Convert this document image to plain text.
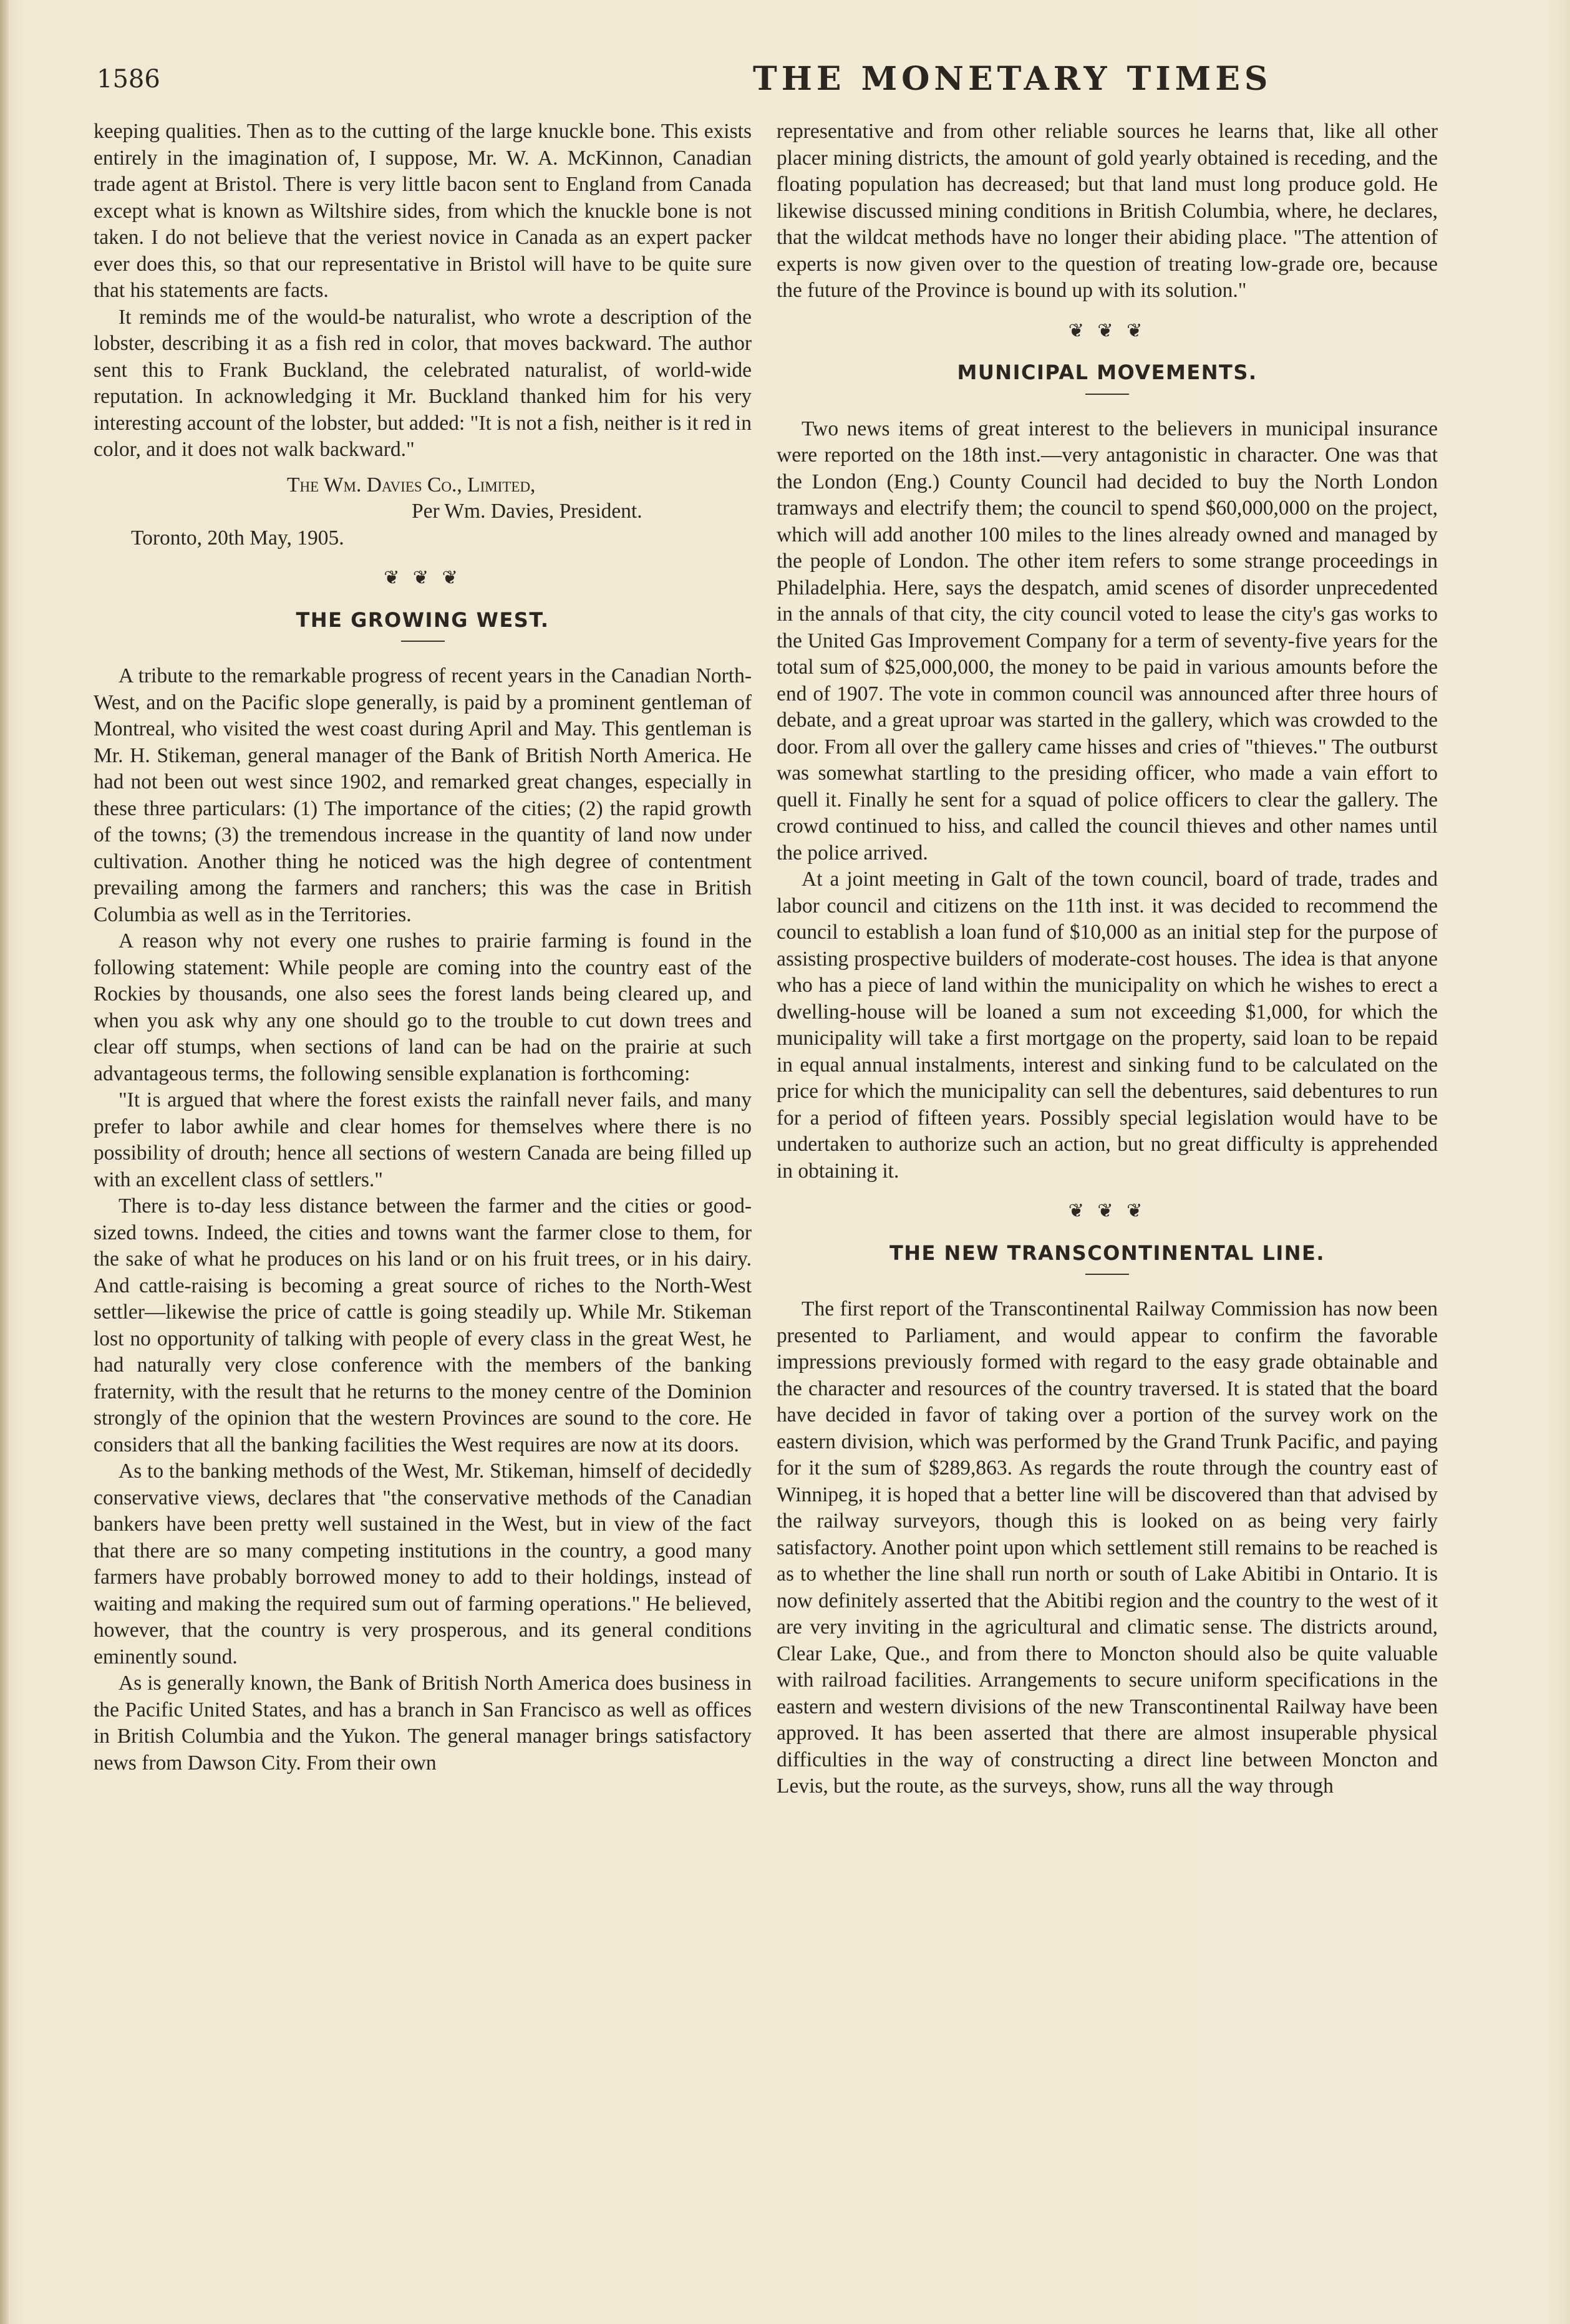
1586	THE MONETARY TIMES

keeping qualities. Then as to the cutting of the large knuckle bone. This exists entirely in the imagination of, I suppose, Mr. W. A. McKinnon, Canadian trade agent at Bristol. There is very little bacon sent to England from Canada except what is known as Wiltshire sides, from which the knuckle bone is not taken. I do not believe that the veriest novice in Canada as an expert packer ever does this, so that our representative in Bristol will have to be quite sure that his statements are facts.

It reminds me of the would-be naturalist, who wrote a description of the lobster, describing it as a fish red in color, that moves backward. The author sent this to Frank Buckland, the celebrated naturalist, of world-wide reputation. In acknowledging it Mr. Buckland thanked him for his very interesting account of the lobster, but added: "It is not a fish, neither is it red in color, and it does not walk backward."

The Wm. Davies Co., Limited,
Per Wm. Davies, President.
Toronto, 20th May, 1905.
❦ ❦ ❦
THE GROWING WEST.

A tribute to the remarkable progress of recent years in the Canadian North-West, and on the Pacific slope generally, is paid by a prominent gentleman of Montreal, who visited the west coast during April and May. This gentleman is Mr. H. Stikeman, general manager of the Bank of British North America. He had not been out west since 1902, and remarked great changes, especially in these three particulars: (1) The importance of the cities; (2) the rapid growth of the towns; (3) the tremendous increase in the quantity of land now under cultivation. Another thing he noticed was the high degree of contentment prevailing among the farmers and ranchers; this was the case in British Columbia as well as in the Territories.

A reason why not every one rushes to prairie farming is found in the following statement: While people are coming into the country east of the Rockies by thousands, one also sees the forest lands being cleared up, and when you ask why any one should go to the trouble to cut down trees and clear off stumps, when sections of land can be had on the prairie at such advantageous terms, the following sensible explanation is forthcoming:

"It is argued that where the forest exists the rainfall never fails, and many prefer to labor awhile and clear homes for themselves where there is no possibility of drouth; hence all sections of western Canada are being filled up with an excellent class of settlers."

There is to-day less distance between the farmer and the cities or good-sized towns. Indeed, the cities and towns want the farmer close to them, for the sake of what he produces on his land or on his fruit trees, or in his dairy. And cattle-raising is becoming a great source of riches to the North-West settler—likewise the price of cattle is going steadily up. While Mr. Stikeman lost no opportunity of talking with people of every class in the great West, he had naturally very close conference with the members of the banking fraternity, with the result that he returns to the money centre of the Dominion strongly of the opinion that the western Provinces are sound to the core. He considers that all the banking facilities the West requires are now at its doors.

As to the banking methods of the West, Mr. Stikeman, himself of decidedly conservative views, declares that "the conservative methods of the Canadian bankers have been pretty well sustained in the West, but in view of the fact that there are so many competing institutions in the country, a good many farmers have probably borrowed money to add to their holdings, instead of waiting and making the required sum out of farming operations." He believed, however, that the country is very prosperous, and its general conditions eminently sound.

As is generally known, the Bank of British North America does business in the Pacific United States, and has a branch in San Francisco as well as offices in British Columbia and the Yukon. The general manager brings satisfactory news from Dawson City. From their own

representative and from other reliable sources he learns that, like all other placer mining districts, the amount of gold yearly obtained is receding, and the floating population has decreased; but that land must long produce gold. He likewise discussed mining conditions in British Columbia, where, he declares, that the wildcat methods have no longer their abiding place. "The attention of experts is now given over to the question of treating low-grade ore, because the future of the Province is bound up with its solution."

❦ ❦ ❦
MUNICIPAL MOVEMENTS.

Two news items of great interest to the believers in municipal insurance were reported on the 18th inst.—very antagonistic in character. One was that the London (Eng.) County Council had decided to buy the North London tramways and electrify them; the council to spend $60,000,000 on the project, which will add another 100 miles to the lines already owned and managed by the people of London. The other item refers to some strange proceedings in Philadelphia. Here, says the despatch, amid scenes of disorder unprecedented in the annals of that city, the city council voted to lease the city's gas works to the United Gas Improvement Company for a term of seventy-five years for the total sum of $25,000,000, the money to be paid in various amounts before the end of 1907. The vote in common council was announced after three hours of debate, and a great uproar was started in the gallery, which was crowded to the door. From all over the gallery came hisses and cries of "thieves." The outburst was somewhat startling to the presiding officer, who made a vain effort to quell it. Finally he sent for a squad of police officers to clear the gallery. The crowd continued to hiss, and called the council thieves and other names until the police arrived.

At a joint meeting in Galt of the town council, board of trade, trades and labor council and citizens on the 11th inst. it was decided to recommend the council to establish a loan fund of $10,000 as an initial step for the purpose of assisting prospective builders of moderate-cost houses. The idea is that anyone who has a piece of land within the municipality on which he wishes to erect a dwelling-house will be loaned a sum not exceeding $1,000, for which the municipality will take a first mortgage on the property, said loan to be repaid in equal annual instalments, interest and sinking fund to be calculated on the price for which the municipality can sell the debentures, said debentures to run for a period of fifteen years. Possibly special legislation would have to be undertaken to authorize such an action, but no great difficulty is apprehended in obtaining it.

❦ ❦ ❦
THE NEW TRANSCONTINENTAL LINE.

The first report of the Transcontinental Railway Commission has now been presented to Parliament, and would appear to confirm the favorable impressions previously formed with regard to the easy grade obtainable and the character and resources of the country traversed. It is stated that the board have decided in favor of taking over a portion of the survey work on the eastern division, which was performed by the Grand Trunk Pacific, and paying for it the sum of $289,863. As regards the route through the country east of Winnipeg, it is hoped that a better line will be discovered than that advised by the railway surveyors, though this is looked on as being very fairly satisfactory. Another point upon which settlement still remains to be reached is as to whether the line shall run north or south of Lake Abitibi in Ontario. It is now definitely asserted that the Abitibi region and the country to the west of it are very inviting in the agricultural and climatic sense. The districts around, Clear Lake, Que., and from there to Moncton should also be quite valuable with railroad facilities. Arrangements to secure uniform specifications in the eastern and western divisions of the new Transcontinental Railway have been approved. It has been asserted that there are almost insuperable physical difficulties in the way of constructing a direct line between Moncton and Levis, but the route, as the surveys, show, runs all the way through
